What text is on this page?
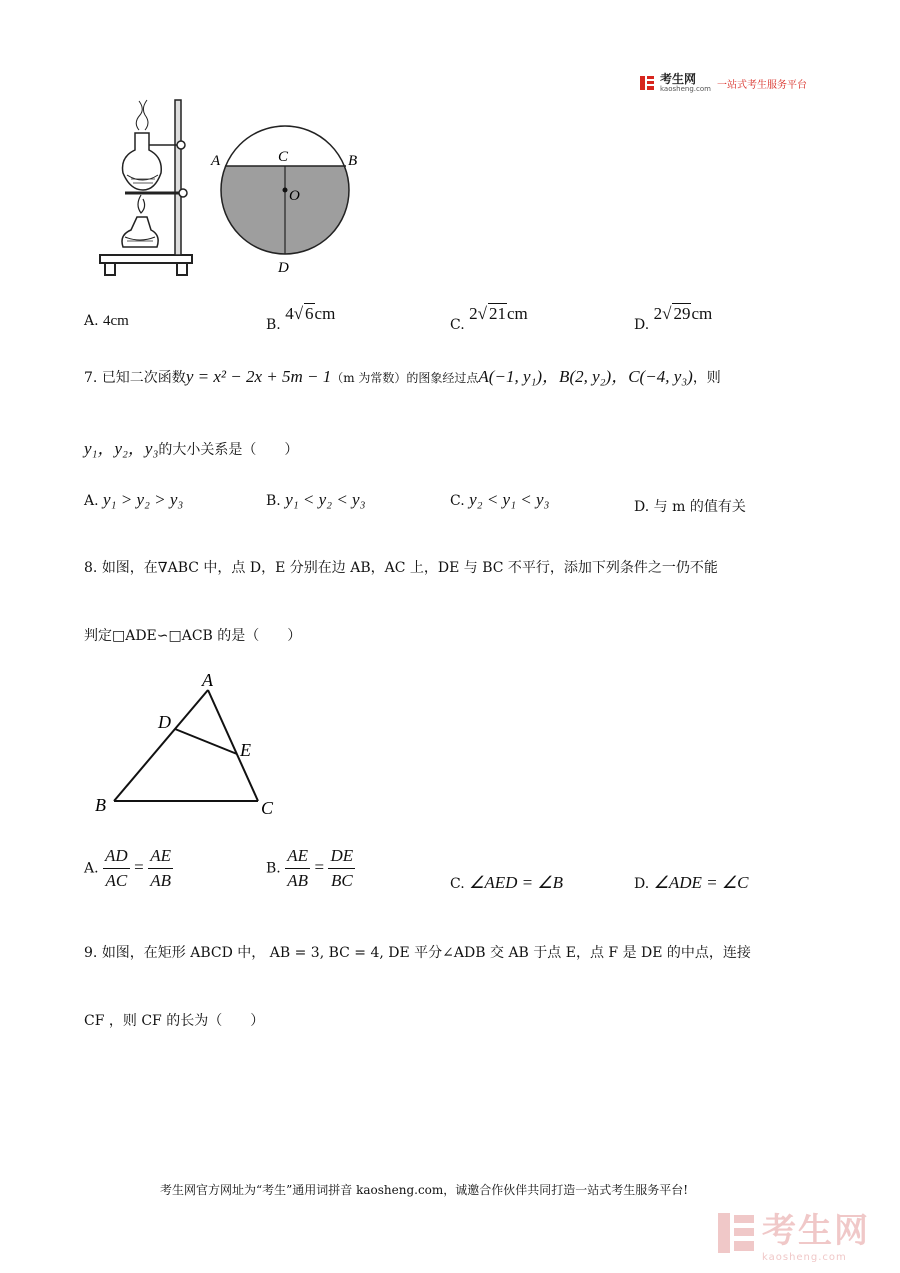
考生网
kaosheng.com 一站式考生服务平台
A	C	B
O
D
A. 4cm	B. 4√ 6cm
C. 2√ 21cm
D. 2√ 29cm
7. 已知二次函数y = x² − 2x + 5m − 1（m 为常数）的图象经过点A(−1, y₁)，B(2, y₂)，C(−4, y₃)，则
y₁，y₂，y₃的大小关系是（　　）
A. y₁ > y₂ > y₃	B. y₁ < y₂ < y₃	C. y₂ < y₁ < y₃	D. 与 m 的值有关
8. 如图，在∇ABC 中，点 D，E 分别在边 AB，AC 上，DE 与 BC 不平行，添加下列条件之一仍不能
判定□ADE∽□ACB 的是（　　）
A
D
E
B	C
A. $\frac{AD}{AC} = \frac{AE}{AB}$	B. $\frac{AE}{AB} = \frac{DE}{BC}$	C. ∠AED = ∠B	D. ∠ADE = ∠C
9. 如图，在矩形 ABCD 中， AB = 3, BC = 4, DE 平分∠ADB 交 AB 于点 E，点 F 是 DE 的中点，连接
CF ，则 CF 的长为（　　）
考生网官方网址为“考生”通用词拼音 kaosheng.com，诚邀合作伙伴共同打造一站式考生服务平台!
考生网
kaosheng.com
